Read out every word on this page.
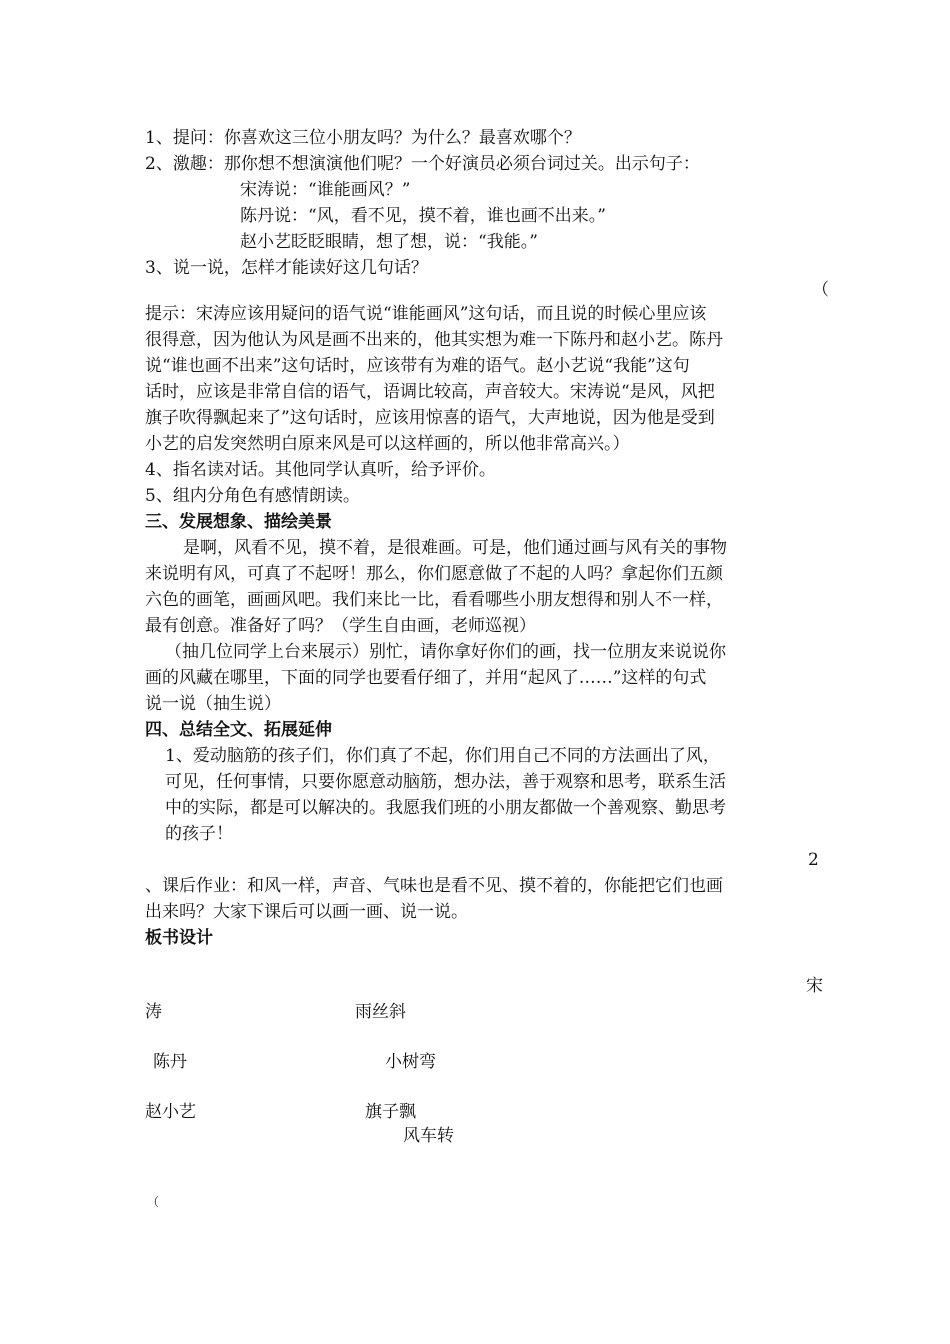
1、提问：你喜欢这三位小朋友吗？为什么？最喜欢哪个？
2、激趣：那你想不想演演他们呢？一个好演员必须台词过关。出示句子：
宋涛说：“谁能画风？”
陈丹说：“风，看不见，摸不着，谁也画不出来。”
赵小艺眨眨眼睛，想了想，说：“我能。”
3、说一说，怎样才能读好这几句话？
（
提示：宋涛应该用疑问的语气说“谁能画风”这句话，而且说的时候心里应该
很得意，因为他认为风是画不出来的，他其实想为难一下陈丹和赵小艺。陈丹
说“谁也画不出来”这句话时，应该带有为难的语气。赵小艺说“我能”这句
话时，应该是非常自信的语气，语调比较高，声音较大。宋涛说“是风，风把
旗子吹得飘起来了”这句话时，应该用惊喜的语气，大声地说，因为他是受到
小艺的启发突然明白原来风是可以这样画的，所以他非常高兴。）
4、指名读对话。其他同学认真听，给予评价。
5、组内分角色有感情朗读。
三、发展想象、描绘美景
是啊，风看不见，摸不着，是很难画。可是，他们通过画与风有关的事物
来说明有风，可真了不起呀！那么，你们愿意做了不起的人吗？拿起你们五颜
六色的画笔，画画风吧。我们来比一比，看看哪些小朋友想得和别人不一样，
最有创意。准备好了吗？（学生自由画，老师巡视）
（抽几位同学上台来展示）别忙，请你拿好你们的画，找一位朋友来说说你
画的风藏在哪里，下面的同学也要看仔细了，并用“起风了……”这样的句式
说一说（抽生说）
四、总结全文、拓展延伸
1、爱动脑筋的孩子们，你们真了不起，你们用自己不同的方法画出了风，
可见，任何事情，只要你愿意动脑筋，想办法，善于观察和思考，联系生活
中的实际，都是可以解决的。我愿我们班的小朋友都做一个善观察、勤思考
的孩子！
2
、课后作业：和风一样，声音、气味也是看不见、摸不着的，你能把它们也画
出来吗？大家下课后可以画一画、说一说。
板书设计
宋
涛	雨丝斜
陈丹	小树弯
赵小艺	旗子飘
风车转
（
